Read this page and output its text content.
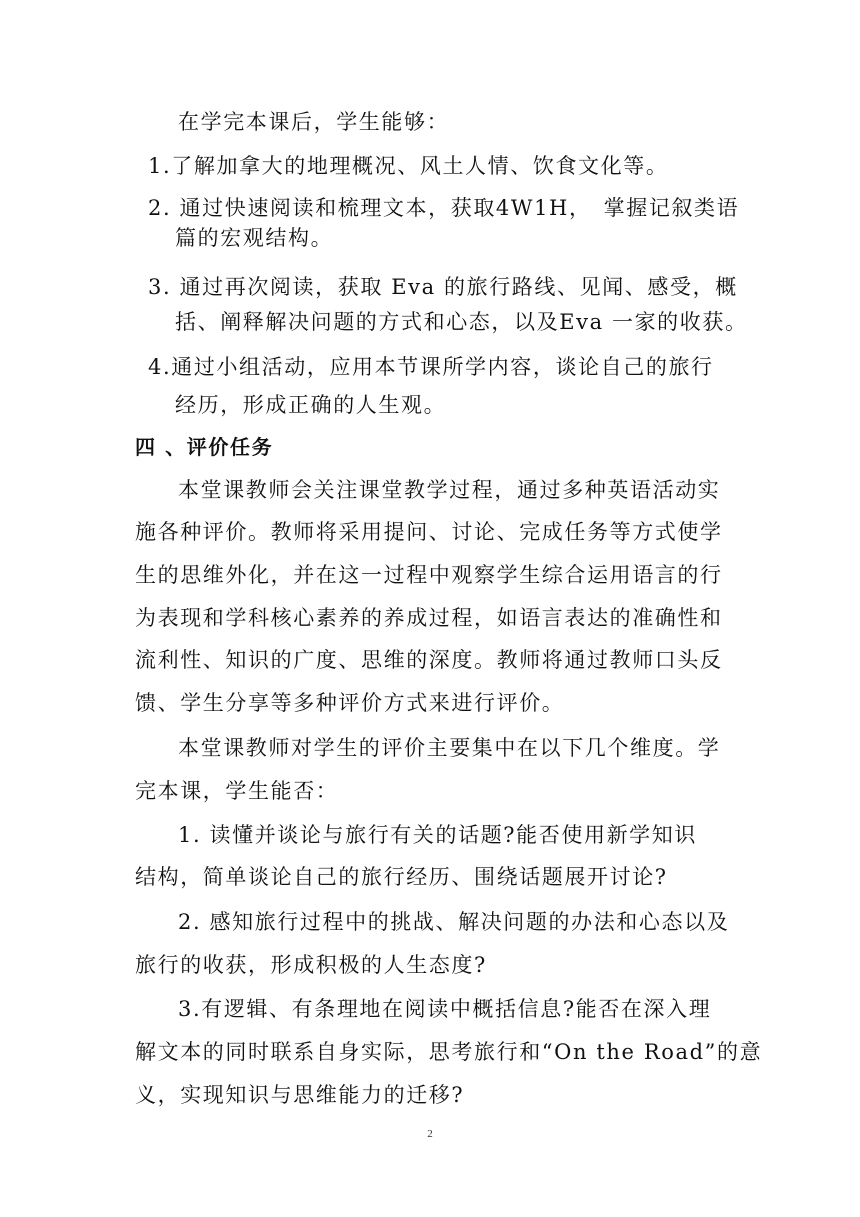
在学完本课后，学生能够：
1.了解加拿大的地理概况、风土人情、饮食文化等。
2. 通过快速阅读和梳理文本，获取4W1H，　掌握记叙类语
篇的宏观结构。
3. 通过再次阅读，获取 Eva 的旅行路线、见闻、感受，概
括、阐释解决问题的方式和心态，以及Eva 一家的收获。
4.通过小组活动，应用本节课所学内容，谈论自己的旅行
经历，形成正确的人生观。
四 、评价任务
本堂课教师会关注课堂教学过程，通过多种英语活动实
施各种评价。教师将采用提问、讨论、完成任务等方式使学
生的思维外化，并在这一过程中观察学生综合运用语言的行
为表现和学科核心素养的养成过程，如语言表达的准确性和
流利性、知识的广度、思维的深度。教师将通过教师口头反
馈、学生分享等多种评价方式来进行评价。
本堂课教师对学生的评价主要集中在以下几个维度。学
完本课，学生能否：
1. 读懂并谈论与旅行有关的话题?能否使用新学知识
结构，简单谈论自己的旅行经历、围绕话题展开讨论?
2. 感知旅行过程中的挑战、解决问题的办法和心态以及
旅行的收获，形成积极的人生态度?
3.有逻辑、有条理地在阅读中概括信息?能否在深入理
解文本的同时联系自身实际，思考旅行和“On the Road”的意
义，实现知识与思维能力的迁移?
2
